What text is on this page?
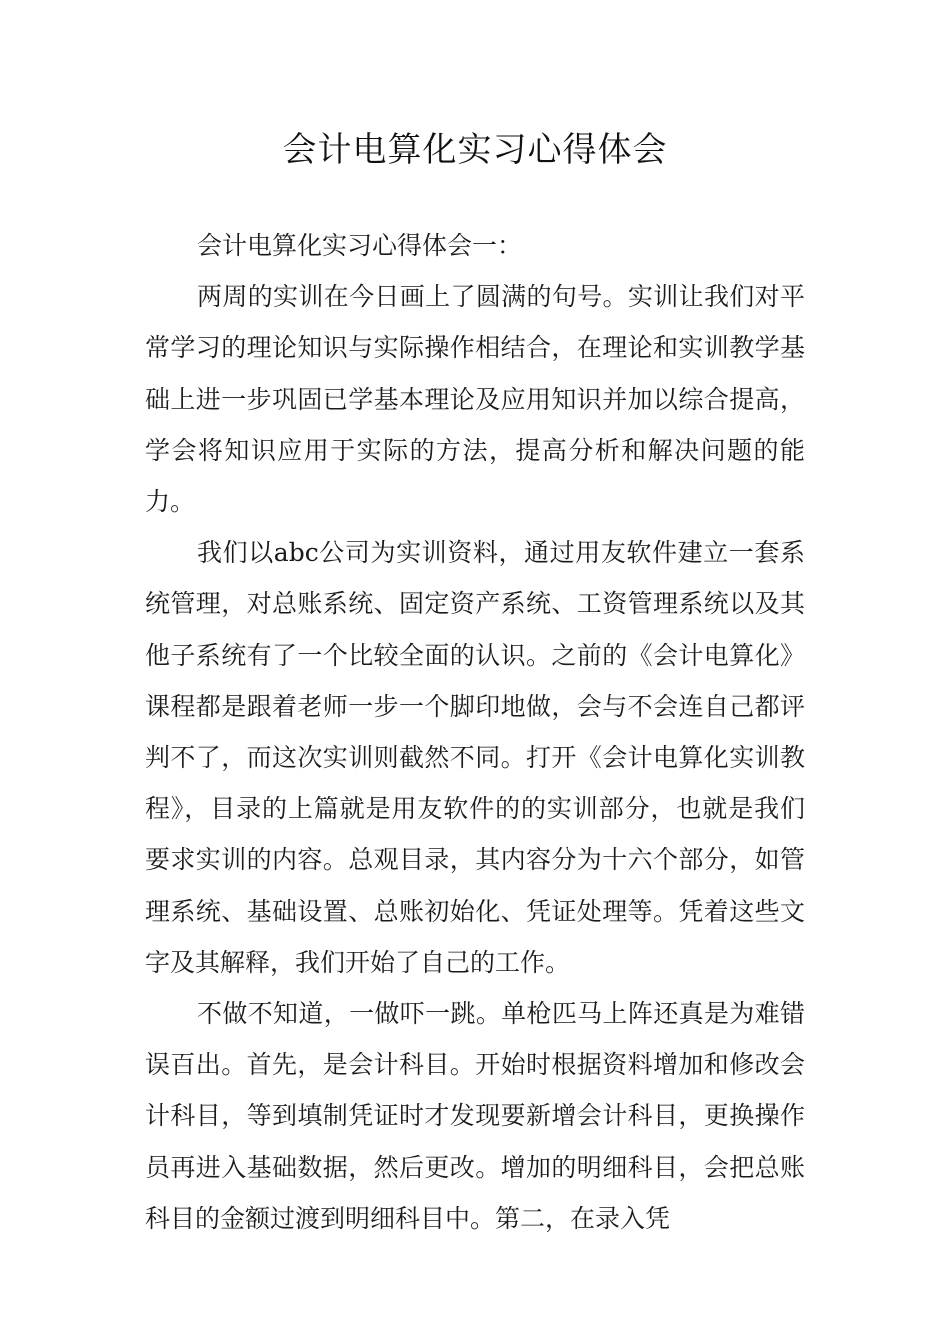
会计电算化实习心得体会

会计电算化实习心得体会一：

两周的实训在今日画上了圆满的句号。实训让我们对平常学习的理论知识与实际操作相结合，在理论和实训教学基础上进一步巩固已学基本理论及应用知识并加以综合提高，学会将知识应用于实际的方法，提高分析和解决问题的能力。

我们以abc公司为实训资料，通过用友软件建立一套系统管理，对总账系统、固定资产系统、工资管理系统以及其他子系统有了一个比较全面的认识。之前的《会计电算化》课程都是跟着老师一步一个脚印地做，会与不会连自己都评判不了，而这次实训则截然不同。打开《会计电算化实训教程》，目录的上篇就是用友软件的的实训部分，也就是我们要求实训的内容。总观目录，其内容分为十六个部分，如管理系统、基础设置、总账初始化、凭证处理等。凭着这些文字及其解释，我们开始了自己的工作。

不做不知道，一做吓一跳。单枪匹马上阵还真是为难错误百出。首先，是会计科目。开始时根据资料增加和修改会计科目，等到填制凭证时才发现要新增会计科目，更换操作员再进入基础数据，然后更改。增加的明细科目，会把总账科目的金额过渡到明细科目中。第二，在录入凭
